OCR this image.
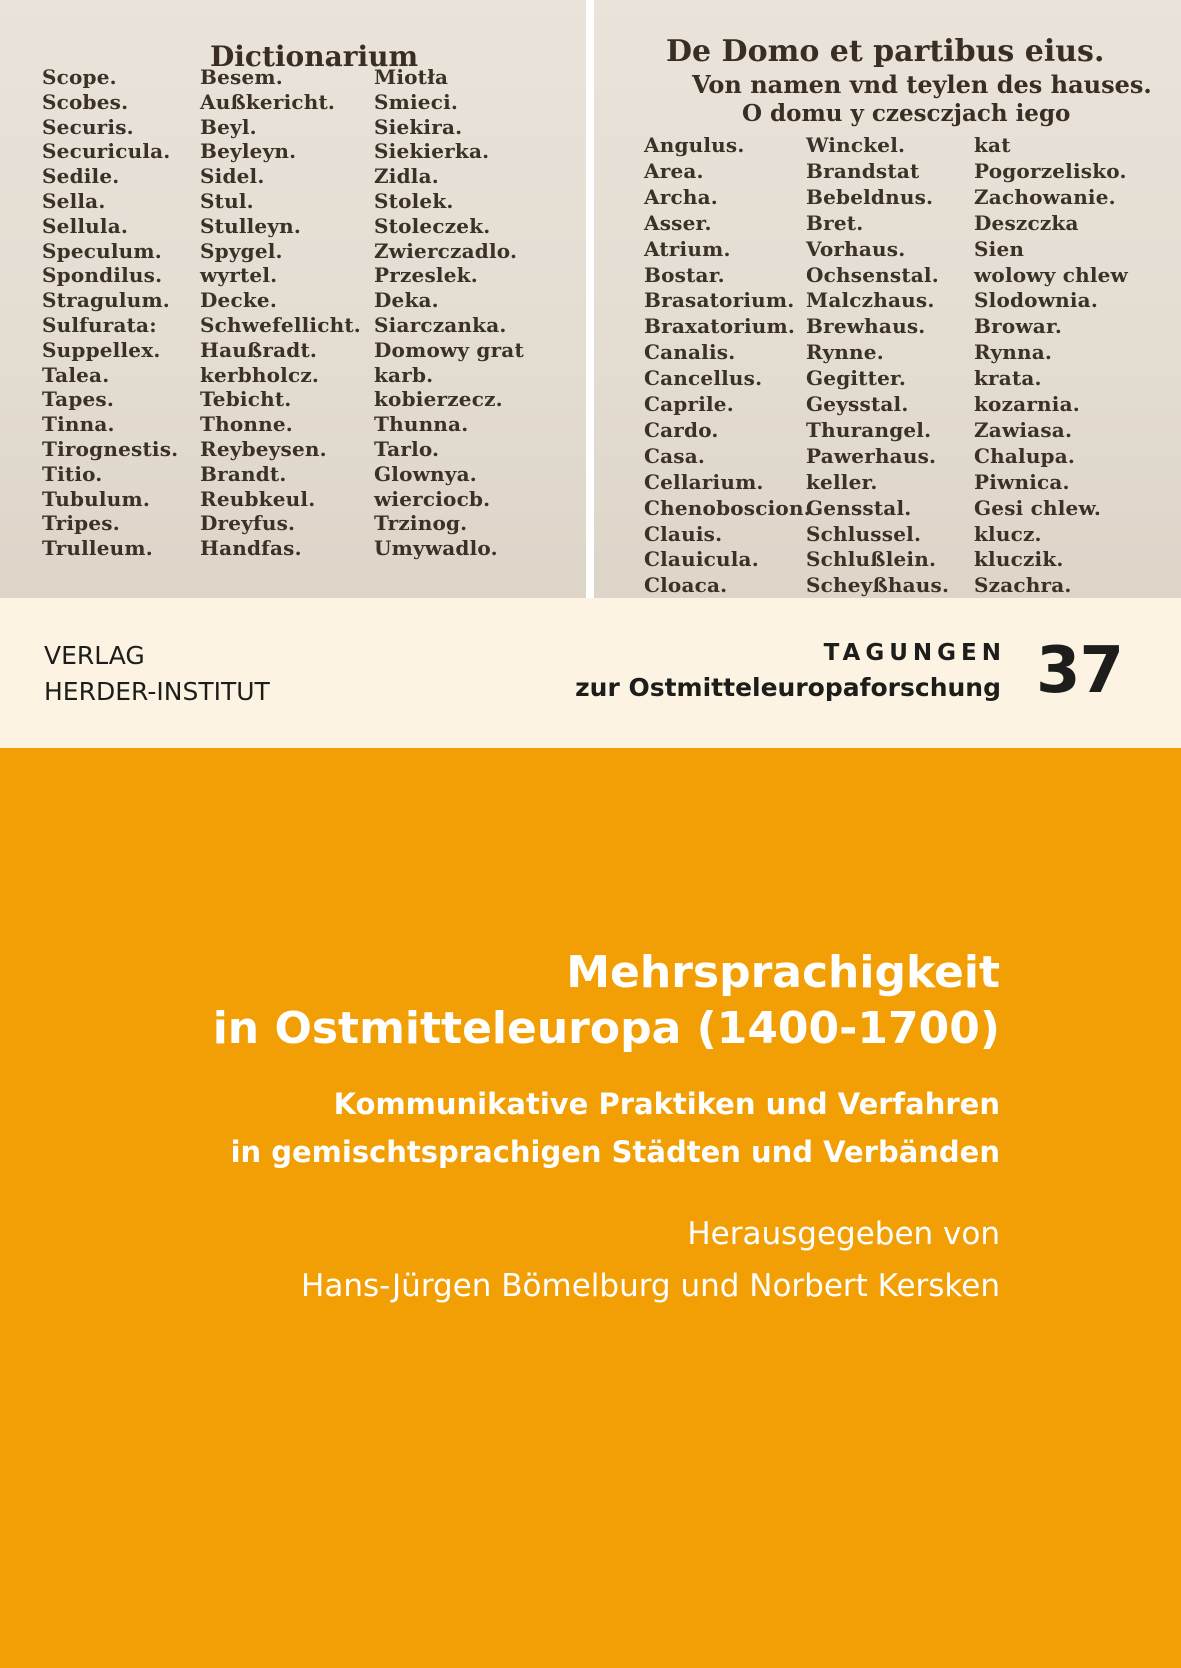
Dictionarium
Scope.
Scobes.
Securis.
Securicula.
Sedile.
Sella.
Sellula.
Speculum.
Spondilus.
Stragulum.
Sulfurata:
Suppellex.
Talea.
Tapes.
Tinna.
Tirognestis.
Titio.
Tubulum.
Tripes.
Trulleum.
Besem.
Außkericht.
Beyl.
Beyleyn.
Sidel.
Stul.
Stulleyn.
Spygel.
wyrtel.
Decke.
Schwefellicht.
Haußradt.
kerbholcz.
Tebicht.
Thonne.
Reybeysen.
Brandt.
Reubkeul.
Dreyfus.
Handfas.
Miotła
Smieci.
Siekira.
Siekierka.
Zidla.
Stolek.
Stoleczek.
Zwierczadlo.
Przeslek.
Deka.
Siarczanka.
Domowy grat
karb.
kobierzecz.
Thunna.
Tarlo.
Glownya.
wierciocb.
Trzinog.
Umywadlo.
De Domo et partibus eius.
Von namen vnd teylen des hauses.
O domu y czesczjach iego
Angulus.
Area.
Archa.
Asser.
Atrium.
Bostar.
Brasatorium.
Braxatorium.
Canalis.
Cancellus.
Caprile.
Cardo.
Casa.
Cellarium.
Chenoboscion.
Clauis.
Clauicula.
Cloaca.
Winckel.
Brandstat
Bebeldnus.
Bret.
Vorhaus.
Ochsenstal.
Malczhaus.
Brewhaus.
Rynne.
Gegitter.
Geysstal.
Thurangel.
Pawerhaus.
keller.
Gensstal.
Schlussel.
Schlußlein.
Scheyßhaus.
kat
Pogorzelisko.
Zachowanie.
Deszczka
Sien
wolowy chlew
Slodownia.
Browar.
Rynna.
krata.
kozarnia.
Zawiasa.
Chalupa.
Piwnica.
Gesi chlew.
klucz.
kluczik.
Szachra.
VERLAG
HERDER-INSTITUT
TAGUNGEN
zur Ostmitteleuropaforschung 37
Mehrsprachigkeit
in Ostmitteleuropa (1400-1700)
Kommunikative Praktiken und Verfahren
in gemischtsprachigen Städten und Verbänden
Herausgegeben von
Hans-Jürgen Bömelburg und Norbert Kersken
